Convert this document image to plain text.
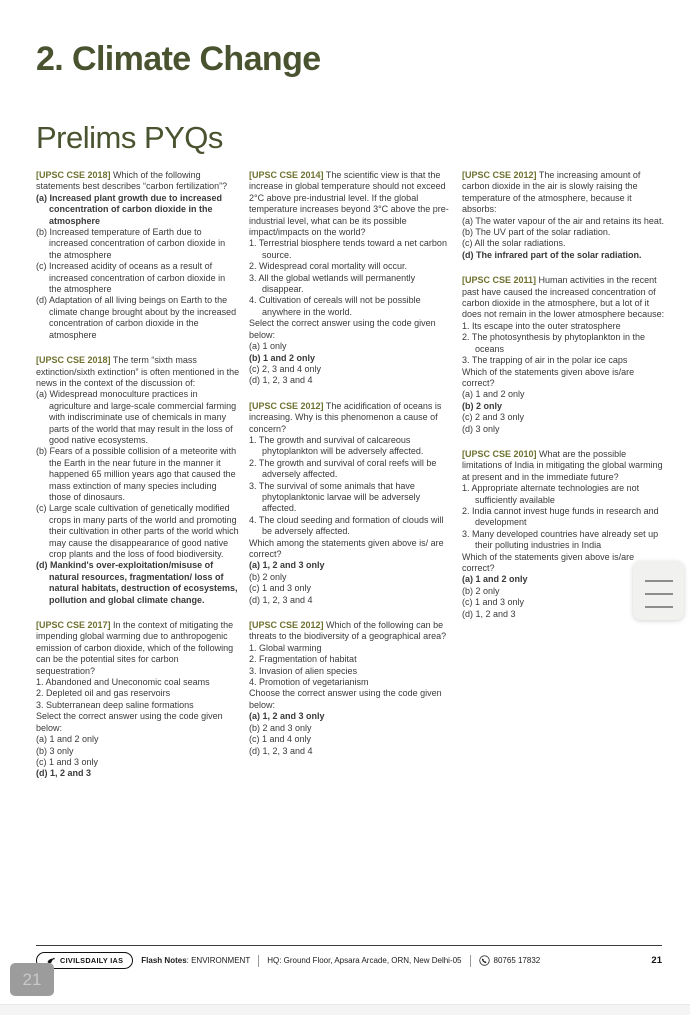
2. Climate Change
Prelims PYQs

[UPSC CSE 2018] Which of the following statements best describes “carbon fertilization”?

(a) Increased plant growth due to increased concentration of carbon dioxide in the atmosphere
(b) Increased temperature of Earth due to increased concentration of carbon dioxide in the atmosphere
(c) Increased acidity of oceans as a result of increased concentration of carbon dioxide in the atmosphere
(d) Adaptation of all living beings on Earth to the climate change brought about by the increased concentration of carbon dioxide in the atmosphere

[UPSC CSE 2018] The term “sixth mass extinction/sixth extinction” is often mentioned in the news in the context of the discussion of:

(a) Widespread monoculture practices in agriculture and large-scale commercial farming with indiscriminate use of chemicals in many parts of the world that may result in the loss of good native ecosystems.
(b) Fears of a possible collision of a meteorite with the Earth in the near future in the manner it happened 65 million years ago that caused the mass extinction of many species including those of dinosaurs.
(c) Large scale cultivation of genetically modified crops in many parts of the world and promoting their cultivation in other parts of the world which may cause the disappearance of good native crop plants and the loss of food biodiversity.
(d) Mankind's over-exploitation/misuse of natural resources, fragmentation/ loss of natural habitats, destruction of ecosystems, pollution and global climate change.

[UPSC CSE 2017] In the context of mitigating the impending global warming due to anthropogenic emission of carbon dioxide, which of the following can be the potential sites for carbon sequestration?

1. Abandoned and Uneconomic coal seams
2. Depleted oil and gas reservoirs
3. Subterranean deep saline formations
Select the correct answer using the code given below:
(a) 1 and 2 only
(b) 3 only
(c) 1 and 3 only
(d) 1, 2 and 3

[UPSC CSE 2014] The scientific view is that the increase in global temperature should not exceed 2°C above pre-industrial level. If the global temperature increases beyond 3°C above the pre-industrial level, what can be its possible impact/impacts on the world?

1. Terrestrial biosphere tends toward a net carbon source.
2. Widespread coral mortality will occur.
3. All the global wetlands will permanently disappear.
4. Cultivation of cereals will not be possible anywhere in the world.
Select the correct answer using the code given below:
(a) 1 only
(b) 1 and 2 only
(c) 2, 3 and 4 only
(d) 1, 2, 3 and 4

[UPSC CSE 2012] The acidification of oceans is increasing. Why is this phenomenon a cause of concern?

1. The growth and survival of calcareous phytoplankton will be adversely affected.
2. The growth and survival of coral reefs will be adversely affected.
3. The survival of some animals that have phytoplanktonic larvae will be adversely affected.
4. The cloud seeding and formation of clouds will be adversely affected.
Which among the statements given above is/ are correct?
(a) 1, 2 and 3 only
(b) 2 only
(c) 1 and 3 only
(d) 1, 2, 3 and 4

[UPSC CSE 2012] Which of the following can be threats to the biodiversity of a geographical area?

1. Global warming
2. Fragmentation of habitat
3. Invasion of alien species
4. Promotion of vegetarianism
Choose the correct answer using the code given below:
(a) 1, 2 and 3 only
(b) 2 and 3 only
(c) 1 and 4 only
(d) 1, 2, 3 and 4

[UPSC CSE 2012] The increasing amount of carbon dioxide in the air is slowly raising the temperature of the atmosphere, because it absorbs:

(a) The water vapour of the air and retains its heat.
(b) The UV part of the solar radiation.
(c) All the solar radiations.
(d) The infrared part of the solar radiation.

[UPSC CSE 2011] Human activities in the recent past have caused the increased concentration of carbon dioxide in the atmosphere, but a lot of it does not remain in the lower atmosphere because:

1. Its escape into the outer stratosphere
2. The photosynthesis by phytoplankton in the oceans
3. The trapping of air in the polar ice caps
Which of the statements given above is/are correct?
(a) 1 and 2 only
(b) 2 only
(c) 2 and 3 only
(d) 3 only

[UPSC CSE 2010] What are the possible limitations of India in mitigating the global warming at present and in the immediate future?

1. Appropriate alternate technologies are not sufficiently available
2. India cannot invest huge funds in research and development
3. Many developed countries have already set up their polluting industries in India
Which of the statements given above is/are correct?
(a) 1 and 2 only
(b) 2 only
(c) 1 and 3 only
(d) 1, 2 and 3
CIVILSDAILY IAS Flash Notes: ENVIRONMENT HQ: Ground Floor, Apsara Arcade, ORN, New Delhi-05	80765 17832	21
21
